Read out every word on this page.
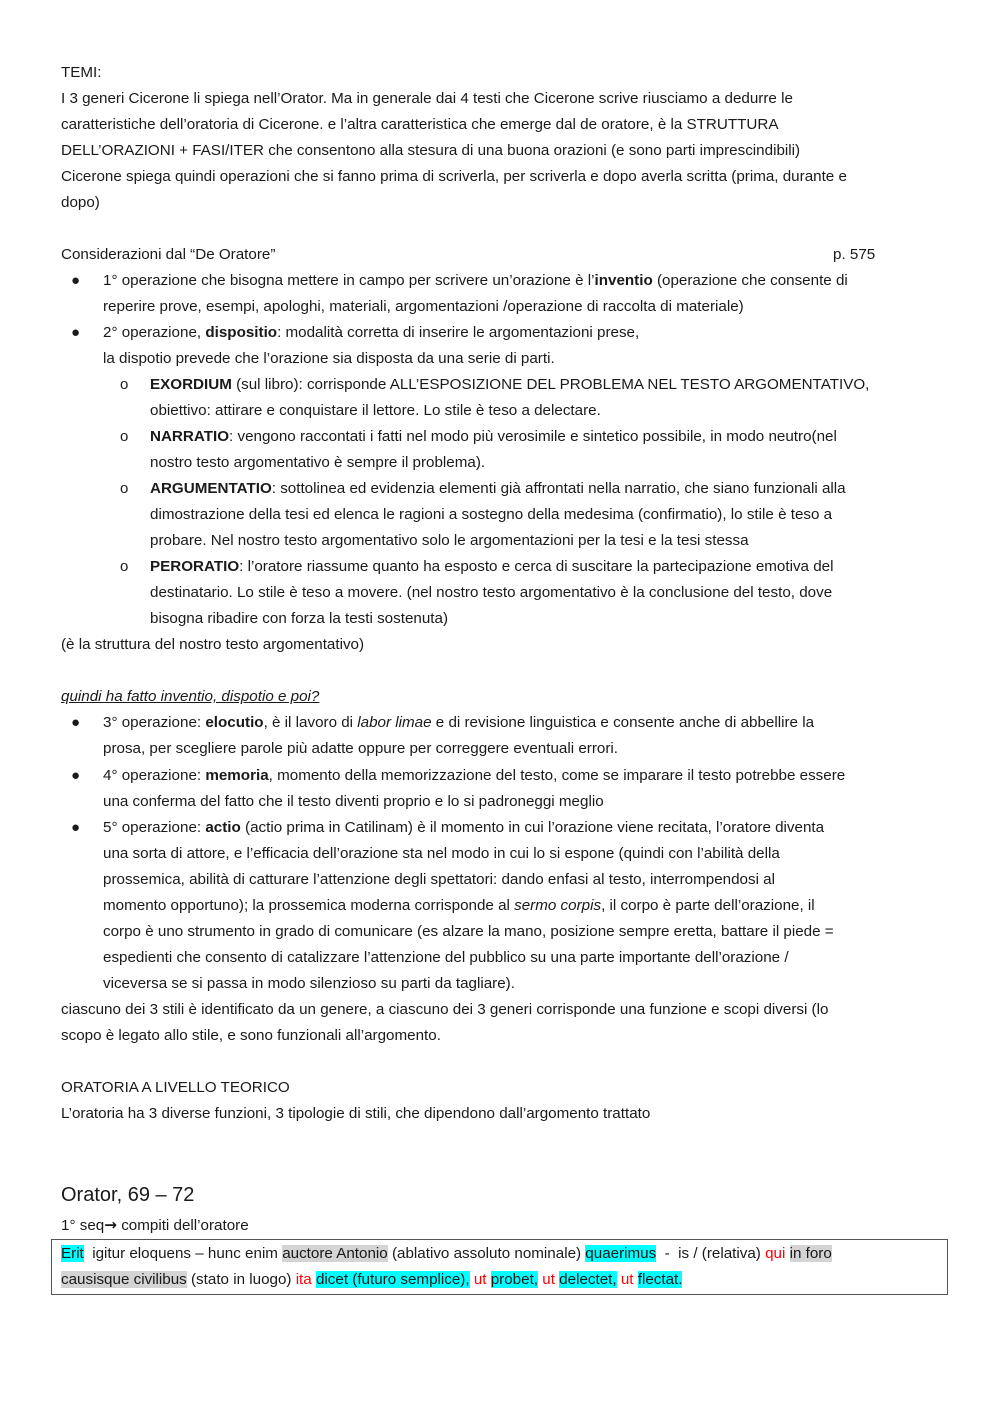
TEMI:
I 3 generi Cicerone li spiega nell’Orator. Ma in generale dai 4 testi che Cicerone scrive riusciamo a dedurre le
caratteristiche dell’oratoria di Cicerone. e l’altra caratteristica che emerge dal de oratore, è la STRUTTURA
DELL’ORAZIONI + FASI/ITER che consentono alla stesura di una buona orazioni (e sono parti imprescindibili)
Cicerone spiega quindi operazioni che si fanno prima di scriverla, per scriverla e dopo averla scritta (prima, durante e
dopo)
Considerazioni dal “De Oratore”	p. 575
● 1° operazione che bisogna mettere in campo per scrivere un’orazione è l’inventio (operazione che consente di
reperire prove, esempi, apologhi, materiali, argomentazioni /operazione di raccolta di materiale)
● 2° operazione, dispositio: modalità corretta di inserire le argomentazioni prese,
la dispotio prevede che l’orazione sia disposta da una serie di parti.
o EXORDIUM (sul libro): corrisponde ALL’ESPOSIZIONE DEL PROBLEMA NEL TESTO ARGOMENTATIVO,
obiettivo: attirare e conquistare il lettore. Lo stile è teso a delectare.
o NARRATIO: vengono raccontati i fatti nel modo più verosimile e sintetico possibile, in modo neutro(nel
nostro testo argomentativo è sempre il problema).
o ARGUMENTATIO: sottolinea ed evidenzia elementi già affrontati nella narratio, che siano funzionali alla
dimostrazione della tesi ed elenca le ragioni a sostegno della medesima (confirmatio), lo stile è teso a
probare. Nel nostro testo argomentativo solo le argomentazioni per la tesi e la tesi stessa
o PERORATIO: l’oratore riassume quanto ha esposto e cerca di suscitare la partecipazione emotiva del
destinatario. Lo stile è teso a movere. (nel nostro testo argomentativo è la conclusione del testo, dove
bisogna ribadire con forza la testi sostenuta)
(è la struttura del nostro testo argomentativo)
quindi ha fatto inventio, dispotio e poi?
● 3° operazione: elocutio, è il lavoro di labor limae e di revisione linguistica e consente anche di abbellire la
prosa, per scegliere parole più adatte oppure per correggere eventuali errori.
● 4° operazione: memoria, momento della memorizzazione del testo, come se imparare il testo potrebbe essere
una conferma del fatto che il testo diventi proprio e lo si padroneggi meglio
● 5° operazione: actio (actio prima in Catilinam) è il momento in cui l’orazione viene recitata, l’oratore diventa
una sorta di attore, e l’efficacia dell’orazione sta nel modo in cui lo si espone (quindi con l’abilità della
prossemica, abilità di catturare l’attenzione degli spettatori: dando enfasi al testo, interrompendosi al
momento opportuno); la prossemica moderna corrisponde al sermo corpis, il corpo è parte dell’orazione, il
corpo è uno strumento in grado di comunicare (es alzare la mano, posizione sempre eretta, battare il piede =
espedienti che consento di catalizzare l’attenzione del pubblico su una parte importante dell’orazione /
viceversa se si passa in modo silenzioso su parti da tagliare).
ciascuno dei 3 stili è identificato da un genere, a ciascuno dei 3 generi corrisponde una funzione e scopi diversi (lo
scopo è legato allo stile, e sono funzionali all’argomento.
ORATORIA A LIVELLO TEORICO
L’oratoria ha 3 diverse funzioni, 3 tipologie di stili, che dipendono dall’argomento trattato
Orator, 69 – 72
1° seq→ compiti dell’oratore
Erit  igitur eloquens – hunc enim auctore Antonio (ablativo assoluto nominale) quaerimus  -  is / (relativa) qui in foro
causisque civilibus (stato in luogo) ita dicet (futuro semplice), ut probet, ut delectet, ut flectat.
